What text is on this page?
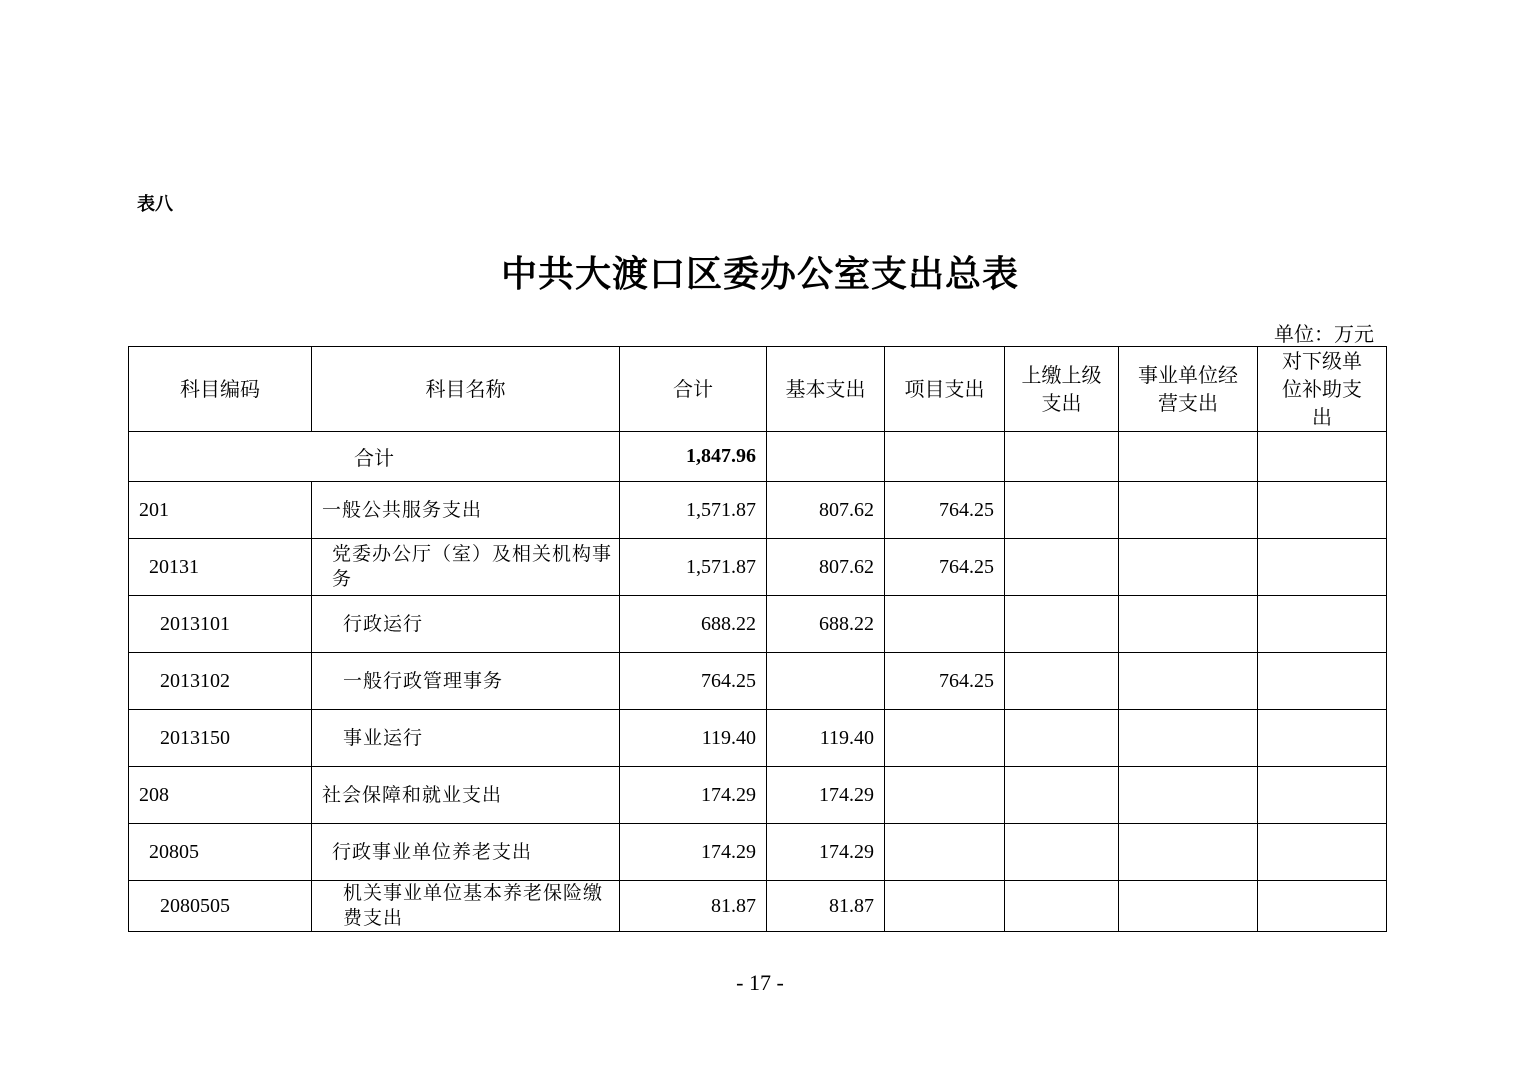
表八
中共大渡口区委办公室支出总表
单位：万元
科目编码	科目名称	合计	基本支出	项目支出	上缴上级支出	事业单位经营支出	对下级单位补助支出
合计		1,847.96					
201	一般公共服务支出	1,571.87	807.62	764.25			
20131	党委办公厅（室）及相关机构事务	1,571.87	807.62	764.25			
2013101	行政运行	688.22	688.22				
2013102	一般行政管理事务	764.25		764.25			
2013150	事业运行	119.40	119.40				
208	社会保障和就业支出	174.29	174.29				
20805	行政事业单位养老支出	174.29	174.29				
2080505	机关事业单位基本养老保险缴费支出	81.87	81.87				
- 17 -
